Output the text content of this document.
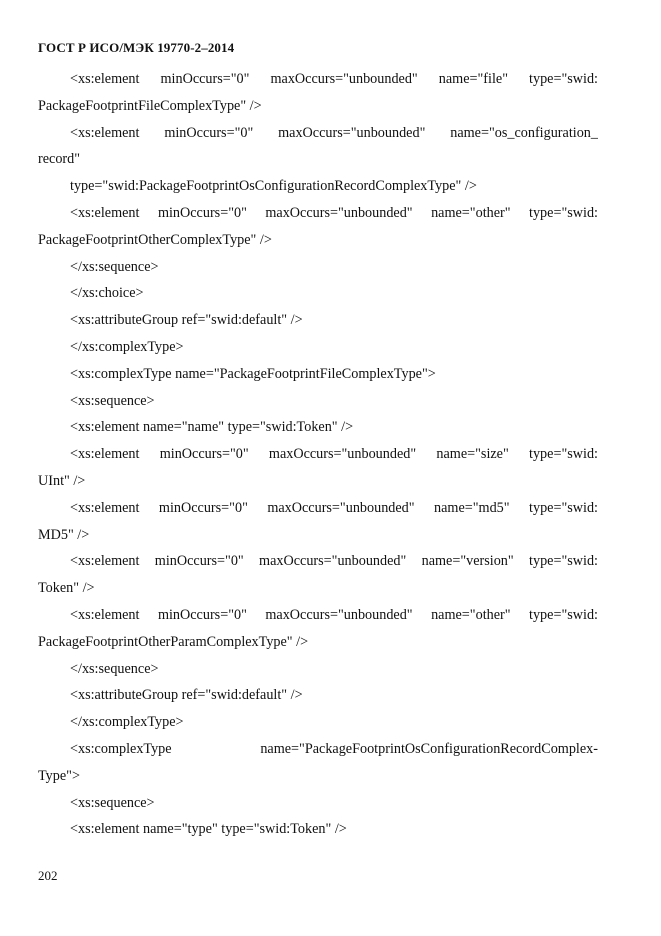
ГОСТ Р ИСО/МЭК 19770-2–2014
<xs:element minOccurs="0" maxOccurs="unbounded" name="file" type="swid:
PackageFootprintFileComplexType" />
<xs:element minOccurs="0" maxOccurs="unbounded" name="os_configuration_
record"
type="swid:PackageFootprintOsConfigurationRecordComplexType" />
<xs:element minOccurs="0" maxOccurs="unbounded" name="other" type="swid:
PackageFootprintOtherComplexType" />
</xs:sequence>
</xs:choice>
<xs:attributeGroup ref="swid:default" />
</xs:complexType>
<xs:complexType name="PackageFootprintFileComplexType">
<xs:sequence>
<xs:element name="name" type="swid:Token" />
<xs:element minOccurs="0" maxOccurs="unbounded" name="size" type="swid:
UInt" />
<xs:element minOccurs="0" maxOccurs="unbounded" name="md5" type="swid:
MD5" />
<xs:element minOccurs="0" maxOccurs="unbounded" name="version" type="swid:
Token" />
<xs:element minOccurs="0" maxOccurs="unbounded" name="other" type="swid:
PackageFootprintOtherParamComplexType" />
</xs:sequence>
<xs:attributeGroup ref="swid:default" />
</xs:complexType>
<xs:complexType name="PackageFootprintOsConfigurationRecordComplex-
Type">
<xs:sequence>
<xs:element name="type" type="swid:Token" />
202
